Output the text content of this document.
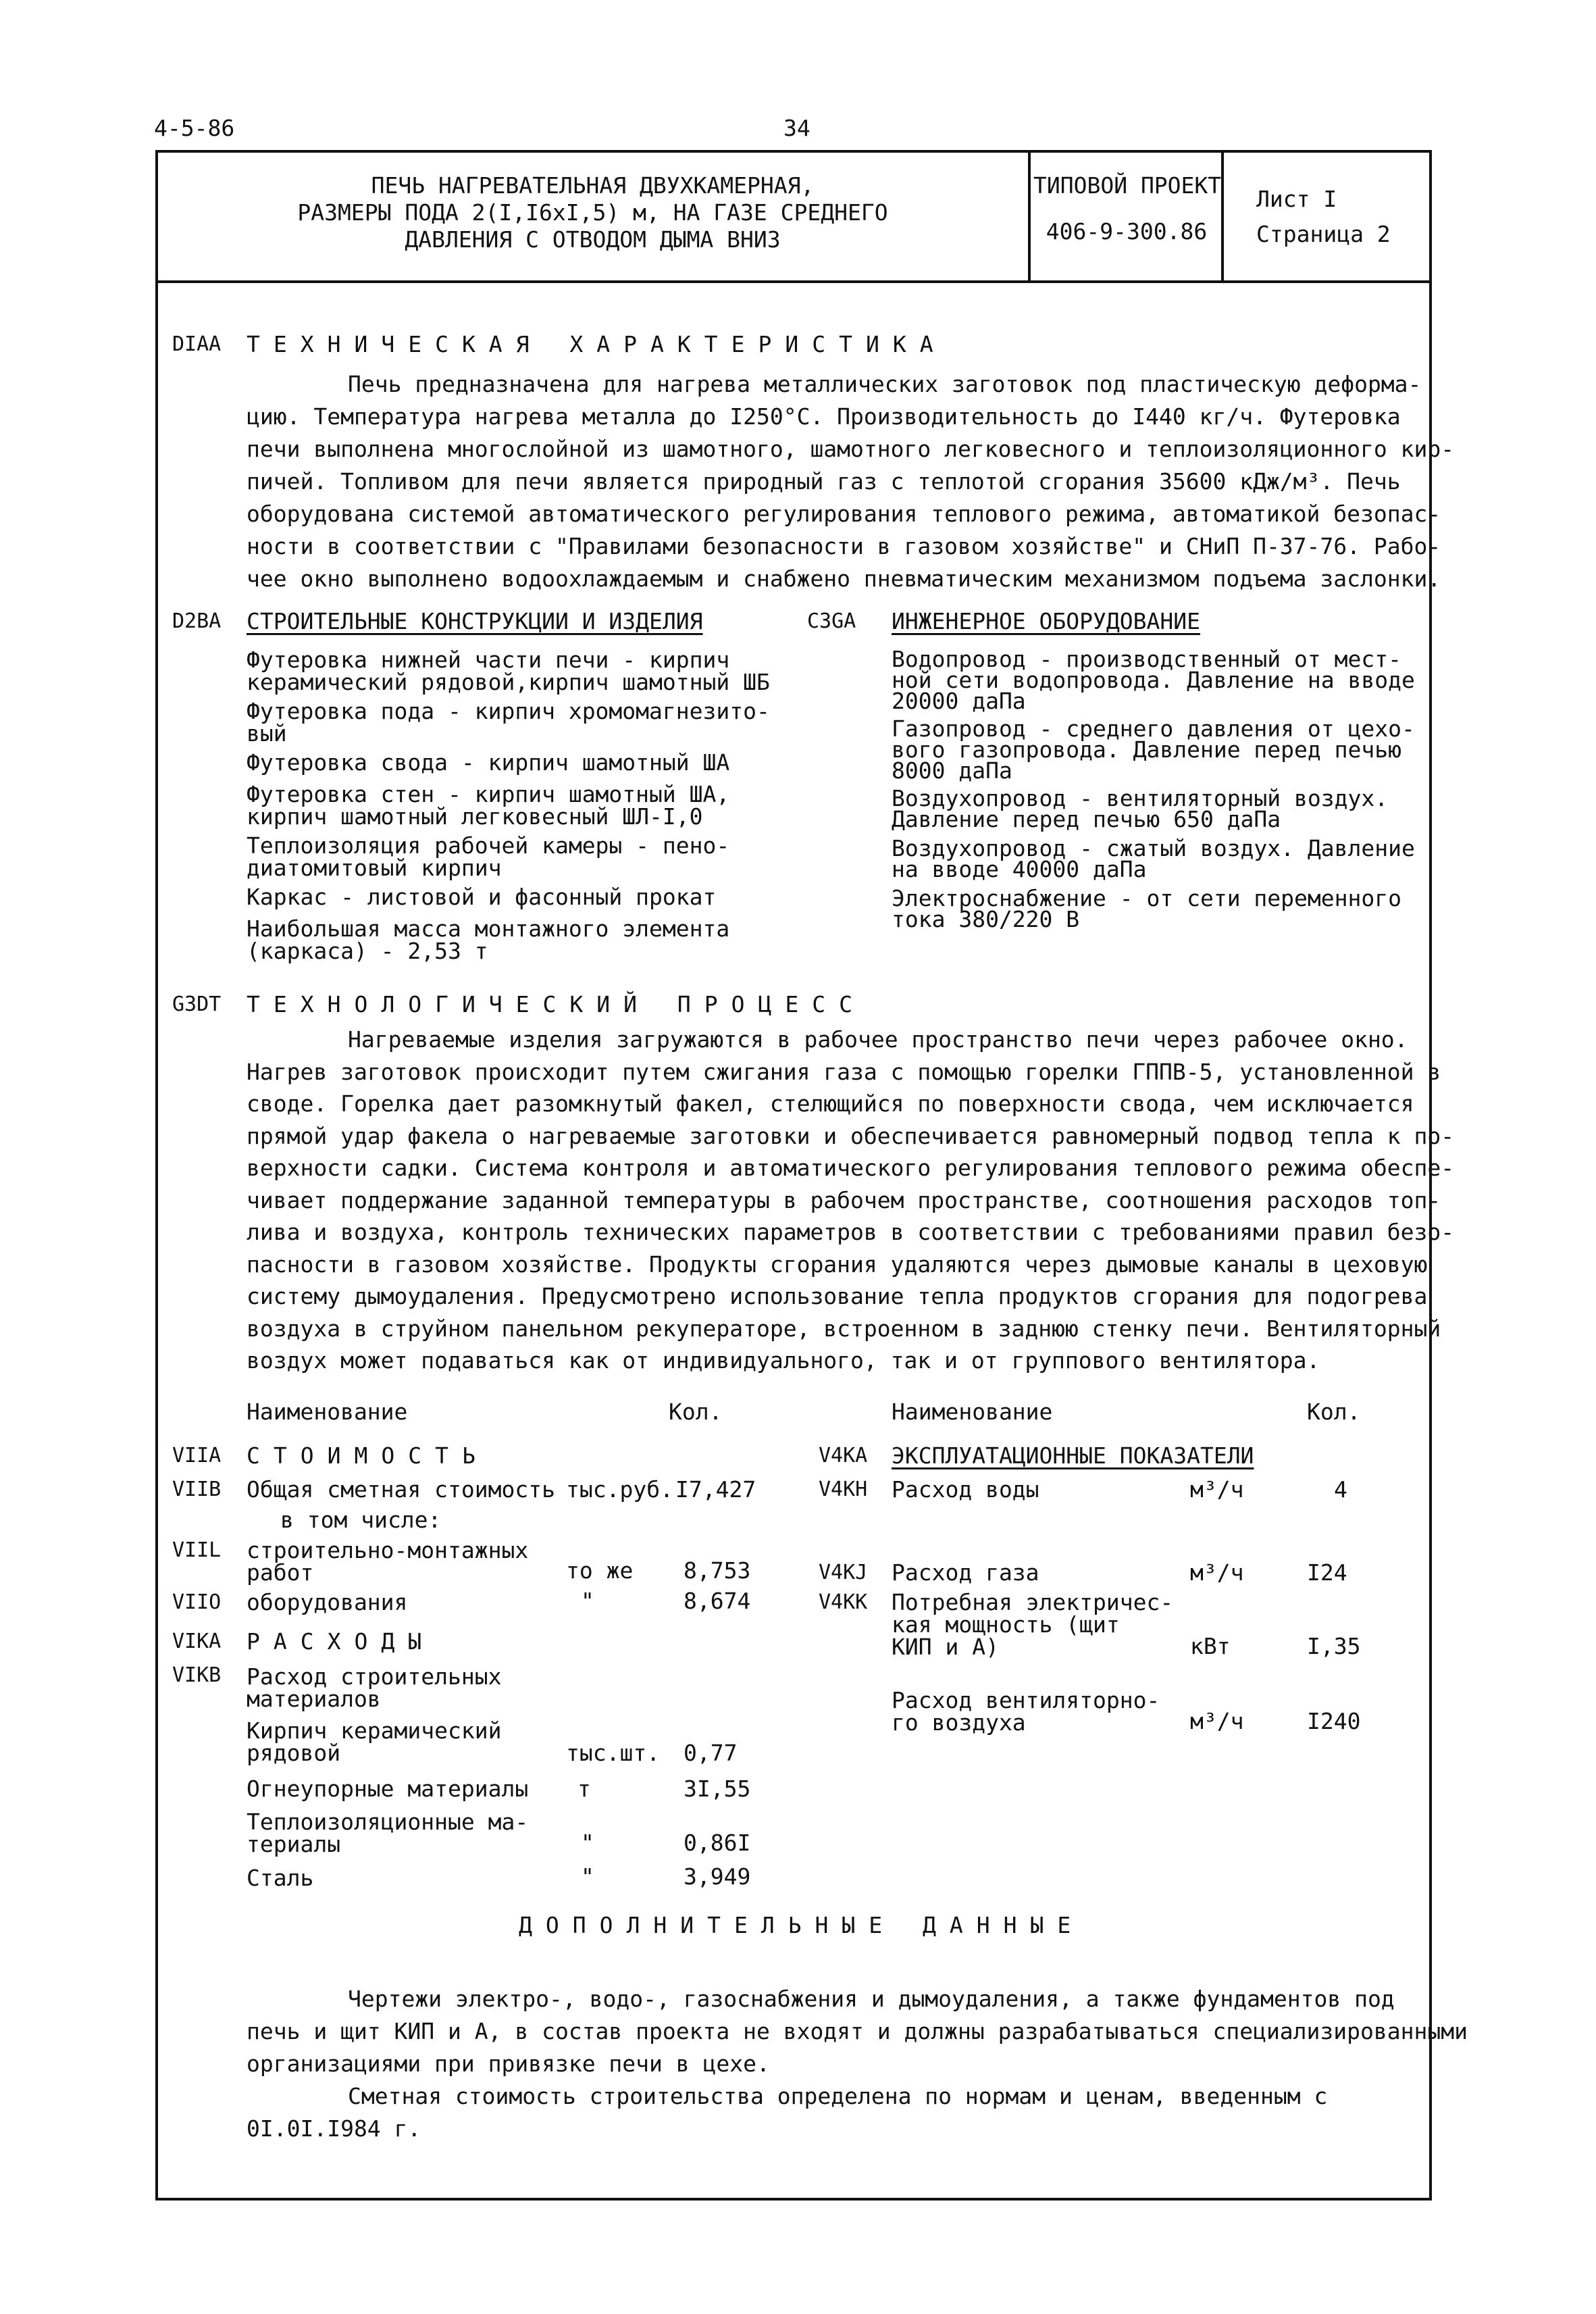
4-5-86	34
ПЕЧЬ НАГРЕВАТЕЛЬНАЯ ДВУХКАМЕРНАЯ,
РАЗМЕРЫ ПОДА 2(I,I6xI,5) м, НА ГАЗЕ СРЕДНЕГО
ДАВЛЕНИЯ С ОТВОДОМ ДЫМА ВНИЗ
ТИПОВОЙ ПРОЕКТ
406-9-300.86
Лист I
Страница 2
DIAA ТЕХНИЧЕСКАЯ ХАРАКТЕРИСТИКА
Печь предназначена для нагрева металлических заготовок под пластическую деформа-
цию. Температура нагрева металла до I250°C. Производительность до I440 кг/ч. Футеровка
печи выполнена многослойной из шамотного, шамотного легковесного и теплоизоляционного кир-
пичей. Топливом для печи является природный газ с теплотой сгорания 35600 кДж/м³. Печь
оборудована системой автоматического регулирования теплового режима, автоматикой безопас-
ности в соответствии с "Правилами безопасности в газовом хозяйстве" и СНиП П-37-76. Рабо-
чее окно выполнено водоохлаждаемым и снабжено пневматическим механизмом подъема заслонки.
D2BA СТРОИТЕЛЬНЫЕ КОНСТРУКЦИИ И ИЗДЕЛИЯ
Футеровка нижней части печи - кирпич
керамический рядовой,кирпич шамотный ШБ
Футеровка пода - кирпич хромомагнезито-
вый
Футеровка свода - кирпич шамотный ША
Футеровка стен - кирпич шамотный ША,
кирпич шамотный легковесный ШЛ-I,0
Теплоизоляция рабочей камеры - пено-
диатомитовый кирпич
Каркас - листовой и фасонный прокат
Наибольшая масса монтажного элемента
(каркаса) - 2,53 т
C3GA ИНЖЕНЕРНОЕ ОБОРУДОВАНИЕ
Водопровод - производственный от мест-
ной сети водопровода. Давление на вводе
20000 даПа
Газопровод - среднего давления от цехо-
вого газопровода. Давление перед печью
8000 даПа
Воздухопровод - вентиляторный воздух.
Давление перед печью 650 даПа
Воздухопровод - сжатый воздух. Давление
на вводе 40000 даПа
Электроснабжение - от сети переменного
тока 380/220 В
G3DT ТЕХНОЛОГИЧЕСКИЙ ПРОЦЕСС
Нагреваемые изделия загружаются в рабочее пространство печи через рабочее окно.
Нагрев заготовок происходит путем сжигания газа с помощью горелки ГППВ-5, установленной в
своде. Горелка дает разомкнутый факел, стелющийся по поверхности свода, чем исключается
прямой удар факела о нагреваемые заготовки и обеспечивается равномерный подвод тепла к по-
верхности садки. Система контроля и автоматического регулирования теплового режима обеспе-
чивает поддержание заданной температуры в рабочем пространстве, соотношения расходов топ-
лива и воздуха, контроль технических параметров в соответствии с требованиями правил безо-
пасности в газовом хозяйстве. Продукты сгорания удаляются через дымовые каналы в цеховую
систему дымоудаления. Предусмотрено использование тепла продуктов сгорания для подогрева
воздуха в струйном панельном рекуператоре, встроенном в заднюю стенку печи. Вентиляторный
воздух может подаваться как от индивидуального, так и от группового вентилятора.
Наименование	Кол.	Наименование	Кол.
VIIA СТОИМОСТЬ
VIIB Общая сметная стоимость тыс.руб. I7,427
в том числе:
VIIL строительно-монтажных
работ	то же 8,753
VIIO оборудования	"	8,674
VIKA РАСХОДЫ
VIKB Расход строительных
материалов
Кирпич керамический
рядовой	тыс.шт. 0,77
Огнеупорные материалы т	3I,55
Теплоизоляционные ма-
териалы	"	0,86I
Сталь	"	3,949
V4KA ЭКСПЛУАТАЦИОННЫЕ ПОКАЗАТЕЛИ
V4KH Расход воды	м³/ч	4
V4KJ Расход газа	м³/ч	I24
V4KK Потребная электричес-
кая мощность (щит
КИП и А)	кВт	I,35
Расход вентиляторно-
го воздуха	м³/ч	I240
ДОПОЛНИТЕЛЬНЫЕ ДАННЫЕ
Чертежи электро-, водо-, газоснабжения и дымоудаления, а также фундаментов под
печь и щит КИП и А, в состав проекта не входят и должны разрабатываться специализированными
организациями при привязке печи в цехе.
Сметная стоимость строительства определена по нормам и ценам, введенным с
0I.0I.I984 г.
